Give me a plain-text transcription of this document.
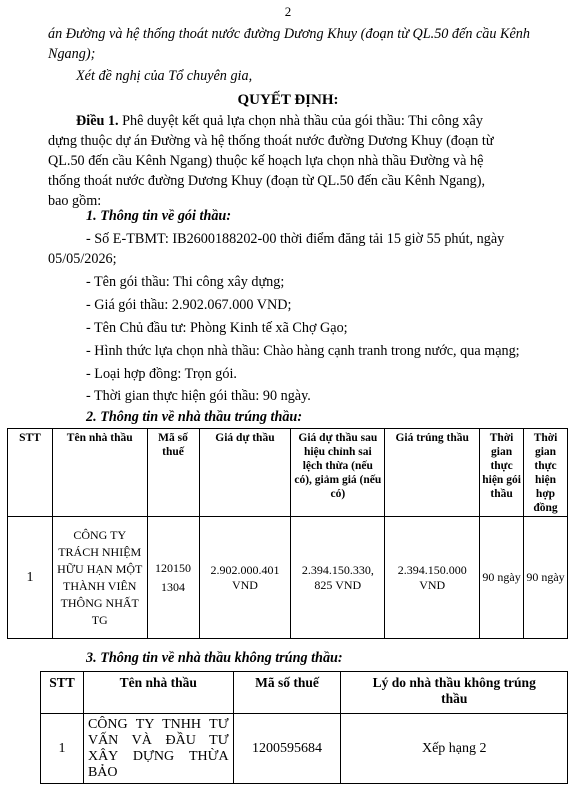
2
án Đường và hệ thống thoát nước đường Dương Khuy (đoạn từ QL.50 đến cầu Kênh
Ngang);
Xét đề nghị của Tổ chuyên gia,
QUYẾT ĐỊNH:
Điều 1. Phê duyệt kết quả lựa chọn nhà thầu của gói thầu: Thi công xây
dựng thuộc dự án Đường và hệ thống thoát nước đường Dương Khuy (đoạn từ
QL.50 đến cầu Kênh Ngang) thuộc kế hoạch lựa chọn nhà thầu Đường và hệ
thống thoát nước đường Dương Khuy (đoạn từ QL.50 đến cầu Kênh Ngang),
bao gồm:
1. Thông tin về gói thầu:
- Số E-TBMT: IB2600188202-00 thời điểm đăng tải 15 giờ 55 phút, ngày
05/05/2026;
- Tên gói thầu: Thi công xây dựng;
- Giá gói thầu: 2.902.067.000 VND;
- Tên Chủ đầu tư: Phòng Kinh tế xã Chợ Gạo;
- Hình thức lựa chọn nhà thầu: Chào hàng cạnh tranh trong nước, qua mạng;
- Loại hợp đồng: Trọn gói.
- Thời gian thực hiện gói thầu: 90 ngày.
2. Thông tin về nhà thầu trúng thầu:
STT	Tên nhà thầu	Mã số thuế	Giá dự thầu	Giá dự thầu sau hiệu chỉnh sai lệch thừa (nếu có), giảm giá (nếu có)	Giá trúng thầu	Thời gian thực hiện gói thầu	Thời gian thực hiện hợp đồng
1	CÔNG TY TRÁCH NHIỆM HỮU HẠN MỘT THÀNH VIÊN THÔNG NHẤT TG	120150 1304	2.902.000.401 VND	2.394.150.330, 825 VND	2.394.150.000 VND	90 ngày	90 ngày
3. Thông tin về nhà thầu không trúng thầu:
STT	Tên nhà thầu	Mã số thuế	Lý do nhà thầu không trúng thầu
1	CÔNG TY TNHH TƯ VẤN VÀ ĐẦU TƯ XÂY DỰNG THỪA BẢO	1200595684	Xếp hạng 2
